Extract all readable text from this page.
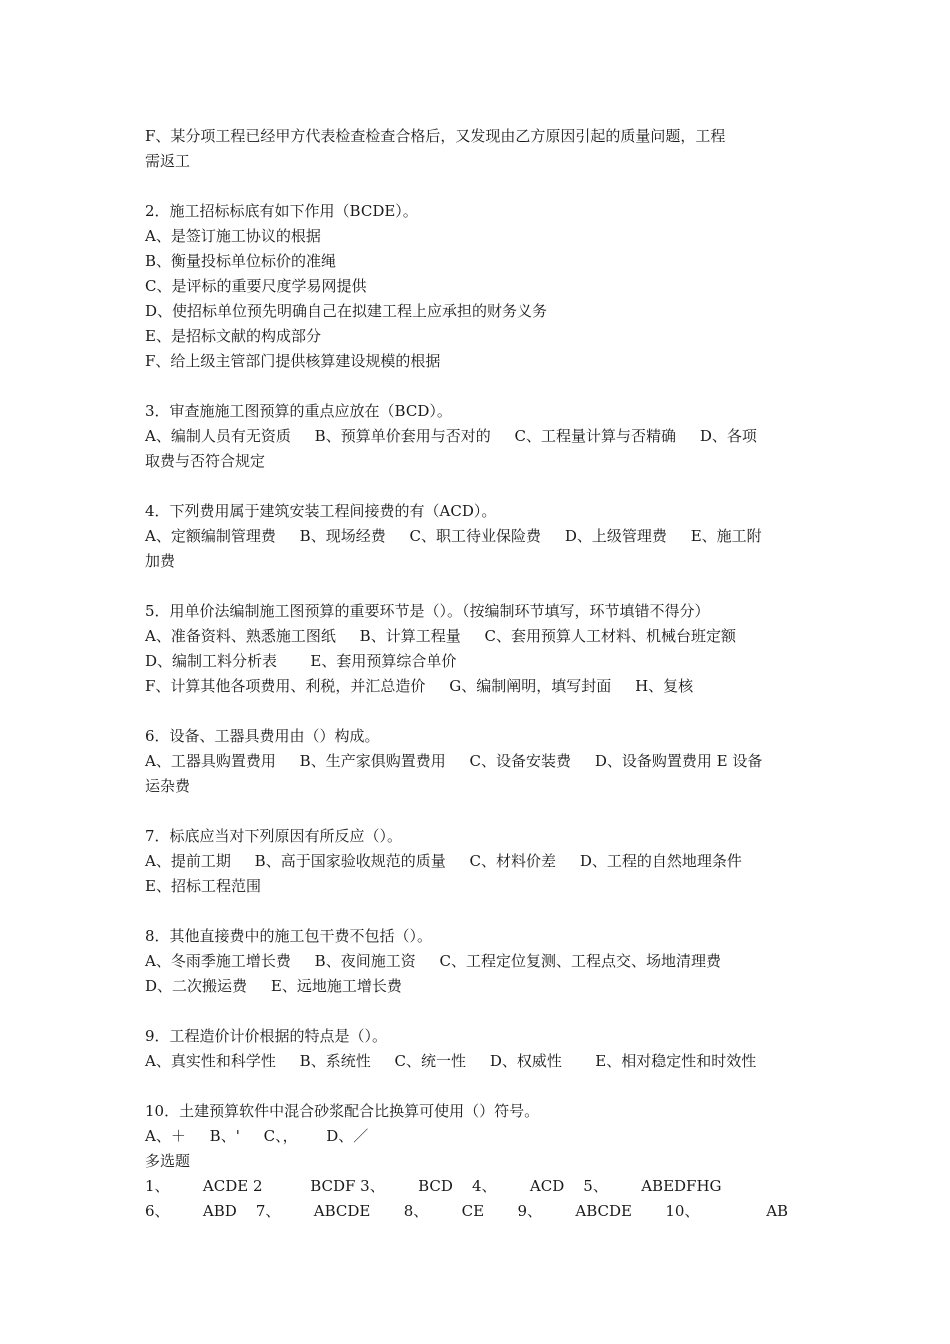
F、某分项工程已经甲方代表检查检查合格后，又发现由乙方原因引起的质量问题，工程
需返工
2．施工招标标底有如下作用（BCDE）。
A、是签订施工协议的根据
B、衡量投标单位标价的准绳
C、是评标的重要尺度学易网提供
D、使招标单位预先明确自己在拟建工程上应承担的财务义务
E、是招标文献的构成部分
F、给上级主管部门提供核算建设规模的根据
3．审查施施工图预算的重点应放在（BCD）。
A、编制人员有无资质     B、预算单价套用与否对的     C、工程量计算与否精确     D、各项
取费与否符合规定
4．下列费用属于建筑安装工程间接费的有（ACD）。
A、定额编制管理费     B、现场经费     C、职工待业保险费     D、上级管理费     E、施工附
加费
5．用单价法编制施工图预算的重要环节是（）。（按编制环节填写，环节填错不得分）
A、准备资料、熟悉施工图纸     B、计算工程量     C、套用预算人工材料、机械台班定额
D、编制工料分析表       E、套用预算综合单价
F、计算其他各项费用、利税，并汇总造价     G、编制阐明，填写封面     H、复核
6．设备、工器具费用由（）构成。
A、工器具购置费用     B、生产家俱购置费用     C、设备安装费     D、设备购置费用 E 设备
运杂费
7．标底应当对下列原因有所反应（）。
A、提前工期     B、高于国家验收规范的质量     C、材料价差     D、工程的自然地理条件
E、招标工程范围
8．其他直接费中的施工包干费不包括（）。
A、冬雨季施工增长费     B、夜间施工资     C、工程定位复测、工程点交、场地清理费
D、二次搬运费     E、远地施工增长费
9．工程造价计价根据的特点是（）。
A、真实性和科学性     B、系统性     C、统一性     D、权威性       E、相对稳定性和时效性
10．土建预算软件中混合砂浆配合比换算可使用（）符号。
A、＋     B、'     C、，      D、／
多选题
1、       ACDE 2          BCDF 3、       BCD    4、       ACD    5、       ABEDFHG
6、       ABD    7、       ABCDE       8、       CE       9、       ABCDE       10、              AB
